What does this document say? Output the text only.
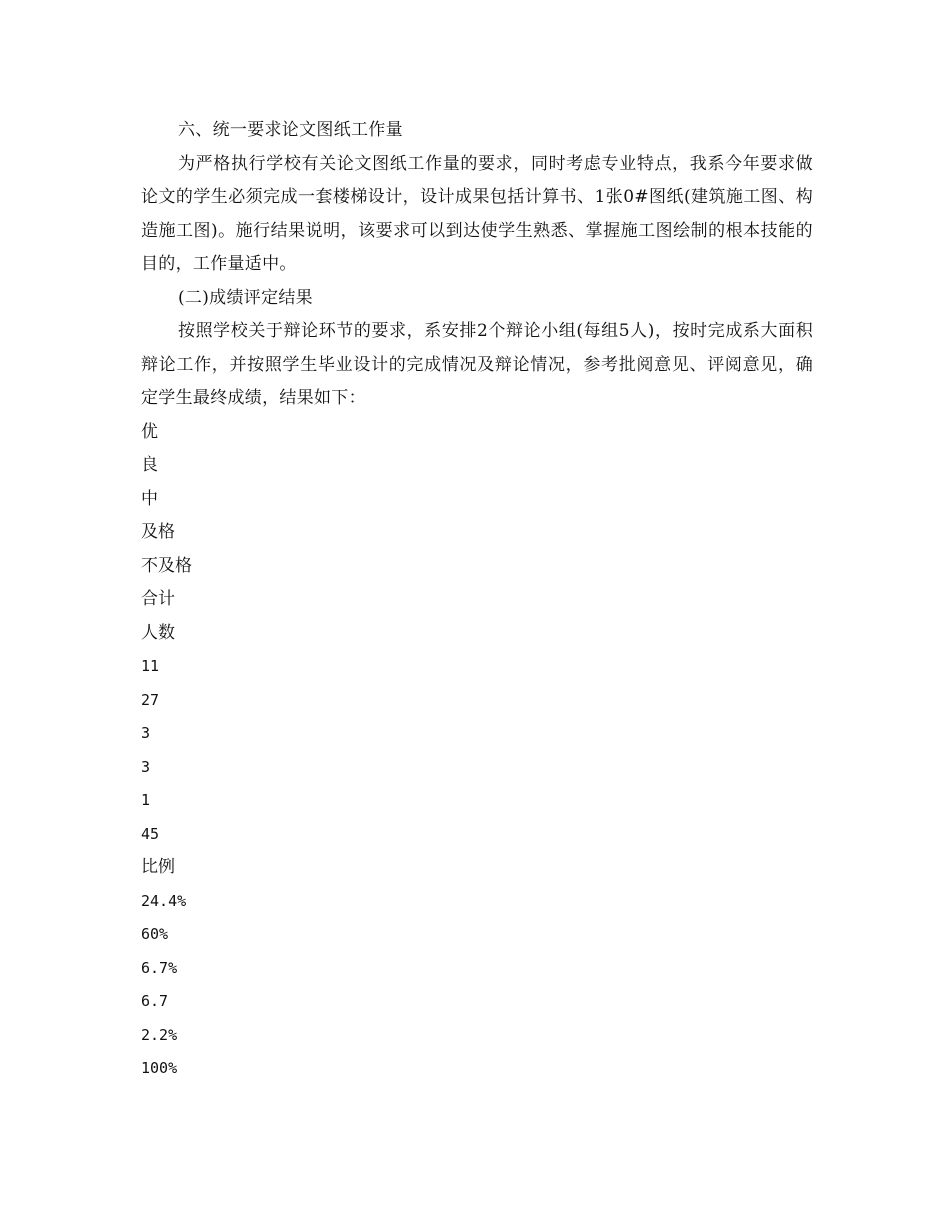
六、统一要求论文图纸工作量

为严格执行学校有关论文图纸工作量的要求，同时考虑专业特点，我系今年要求做论文的学生必须完成一套楼梯设计，设计成果包括计算书、1张0#图纸(建筑施工图、构造施工图)。施行结果说明，该要求可以到达使学生熟悉、掌握施工图绘制的根本技能的目的，工作量适中。

(二)成绩评定结果

按照学校关于辩论环节的要求，系安排2个辩论小组(每组5人)，按时完成系大面积辩论工作，并按照学生毕业设计的完成情况及辩论情况，参考批阅意见、评阅意见，确定学生最终成绩，结果如下：

优
良
中
及格
不及格
合计
人数
11
27
3
3
1
45
比例
24.4%
60%
6.7%
6.7
2.2%
100%
